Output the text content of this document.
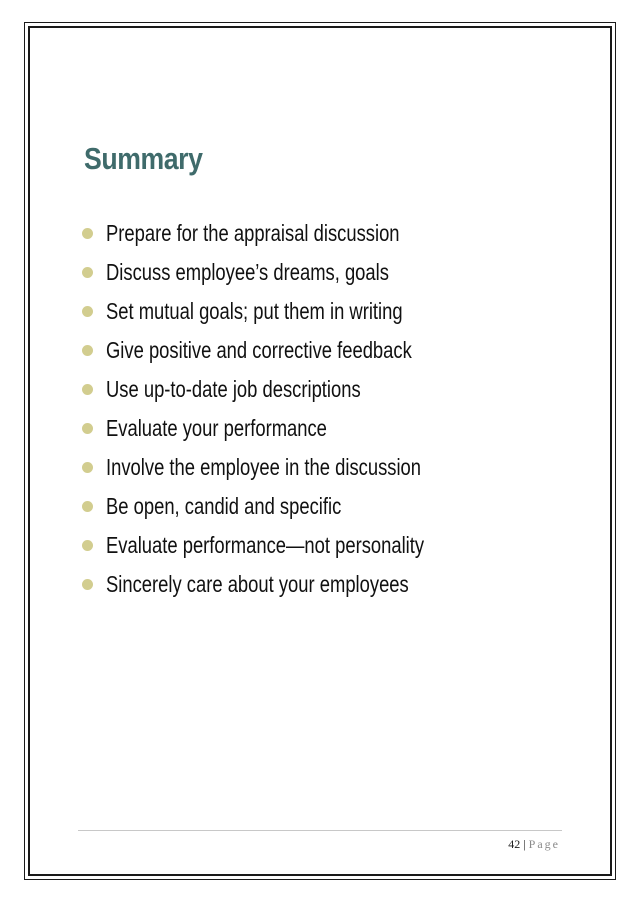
Summary
Prepare for the appraisal discussion
Discuss employee’s dreams, goals
Set mutual goals; put them in writing
Give positive and corrective feedback
Use up-to-date job descriptions
Evaluate your performance
Involve the employee in the discussion
Be open, candid and specific
Evaluate performance—not personality
Sincerely care about your employees
42 | Page
